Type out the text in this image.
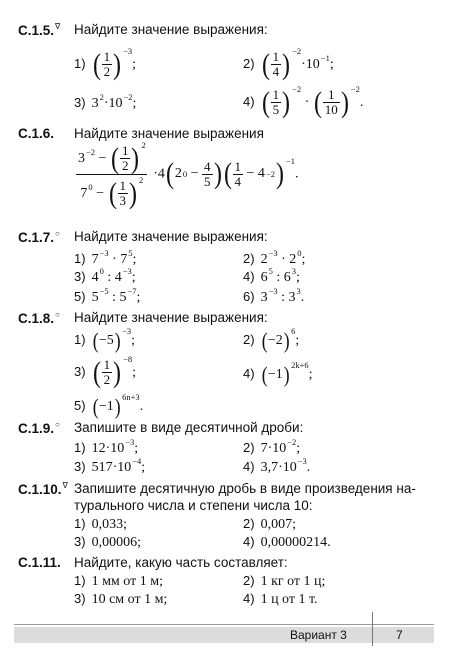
C.1.5.∇ Найдите значение выражения:
1) ( $\frac{1}{2}$ ) $^{-3}$;	2) ( $\frac{1}{4}$ ) $^{-2}\cdot 10^{-1}$;
3) $3^2\cdot 10^{-2}$;	4) ( $\frac{1}{5}$ ) $^{-2}$ · ( $\frac{1}{10}$ ) $^{-2}$.
C.1.6. Найдите значение выражения
$\frac{3^{-2} - ( \frac{1}{2} ) ^2}{7^0 - ( \frac{1}{3} ) ^2} \cdot 4$ ( 2 0
−
$\frac{4}{5}$ ) ( $\frac{1}{4}$
− 4 −2 ) $^{-1}$.
C.1.7.○ Найдите значение выражения:
1) $7^{-3} \cdot 7^5$;	2) $2^{-3} \cdot 2^0$;
3) $4^0$ : $4^{-3}$;	4) $6^5$ : $6^3$;
5) $5^{-5}$ : $5^{-7}$;	6) $3^{-3}$ : $3^3$.
C.1.8.○ Найдите значение выражения:
1) ( −5 ) $^{-3}$;	2) ( −2 ) $^6$;
3) ( $\frac{1}{2}$ ) $^{-8}$;	4) ( −1 ) $^{2k+6}$;
5) ( −1 ) $^{6n+3}$.
C.1.9.○ Запишите в виде десятичной дроби:
1) $12\cdot 10^{-3}$;	2) $7\cdot 10^{-2}$;
3) $517\cdot 10^{-4}$;	4) $3,7\cdot 10^{-3}$.
C.1.10.∇ Запишите десятичную дробь в виде произведения на-
турального числа и степени числа 10:
1) 0,033;	2) 0,007;
3) 0,00006;	4) 0,00000214.
C.1.11. Найдите, какую часть составляет:
1) 1 мм от 1 м;	2) 1 кг от 1 ц;
3) 10 см от 1 м;	4) 1 ц от 1 т.
Вариант 3	7
